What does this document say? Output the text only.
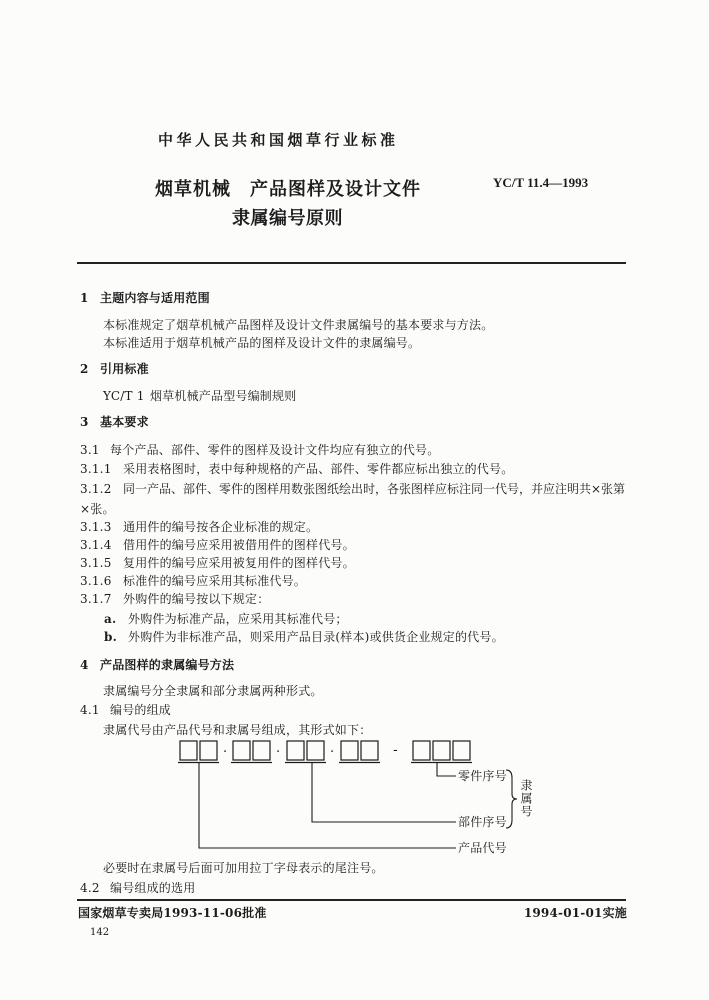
中华人民共和国烟草行业标准
烟草机械　产品图样及设计文件
隶属编号原则
YC/T 11.4—1993
1 主题内容与适用范围
本标准规定了烟草机械产品图样及设计文件隶属编号的基本要求与方法。
本标准适用于烟草机械产品的图样及设计文件的隶属编号。
2 引用标准
YC/T 1 烟草机械产品型号编制规则
3 基本要求
3.1 每个产品、部件、零件的图样及设计文件均应有独立的代号。
3.1.1 采用表格图时，表中每种规格的产品、部件、零件都应标出独立的代号。
3.1.2 同一产品、部件、零件的图样用数张图纸绘出时，各张图样应标注同一代号，并应注明共×张第
×张。
3.1.3 通用件的编号按各企业标准的规定。
3.1.4 借用件的编号应采用被借用件的图样代号。
3.1.5 复用件的编号应采用被复用件的图样代号。
3.1.6 标准件的编号应采用其标准代号。
3.1.7 外购件的编号按以下规定：
a. 外购件为标准产品，应采用其标准代号；
b. 外购件为非标准产品，则采用产品目录(样本)或供货企业规定的代号。
4 产品图样的隶属编号方法
隶属编号分全隶属和部分隶属两种形式。
4.1 编号的组成
隶属代号由产品代号和隶属号组成，其形式如下：
·	·	·	-
零件序号
部件序号
产品代号
隶属号
必要时在隶属号后面可加用拉丁字母表示的尾注号。
4.2 编号组成的选用
国家烟草专卖局1993-11-06批准	1994-01-01实施
142
